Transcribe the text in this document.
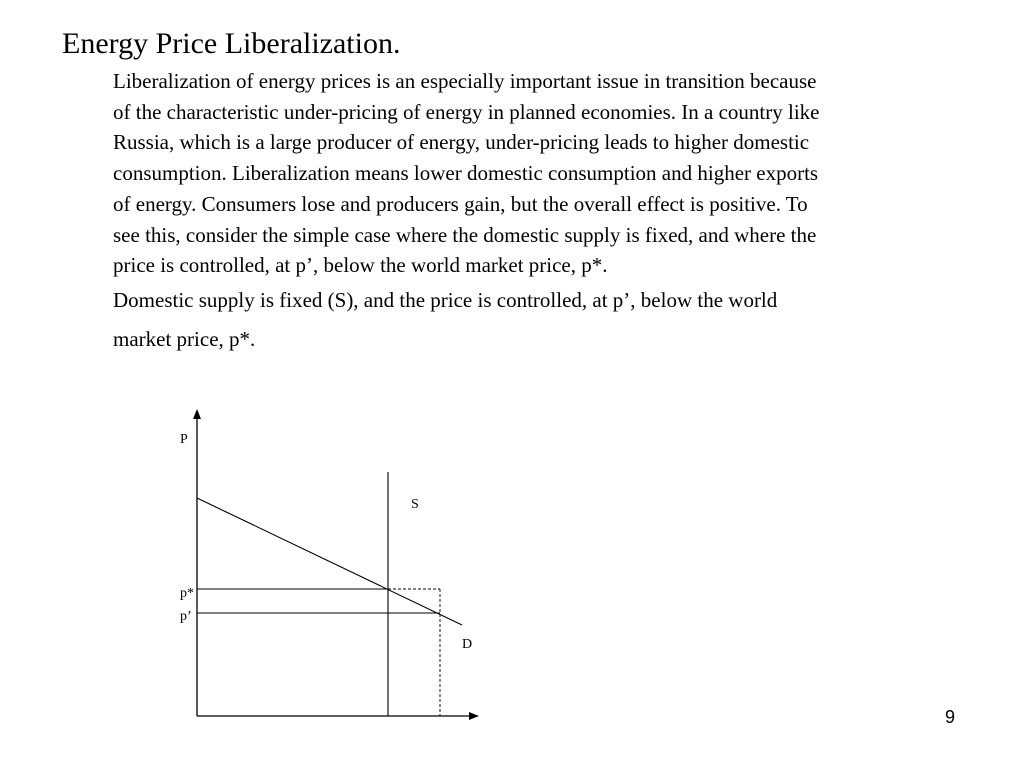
Energy Price Liberalization.

Liberalization of energy prices is an especially important issue in transition because
of the characteristic under-pricing of energy in planned economies. In a country like
Russia, which is a large producer of energy, under-pricing leads to higher domestic
consumption. Liberalization means lower domestic consumption and higher exports
of energy. Consumers lose and producers gain, but the overall effect is positive. To
see this, consider the simple case where the domestic supply is fixed, and where the
price is controlled, at p’, below the world market price, p*.

Domestic supply is fixed (S), and the price is controlled, at p’, below the world
market price, p*.

P
S
D
p*
p’
9
